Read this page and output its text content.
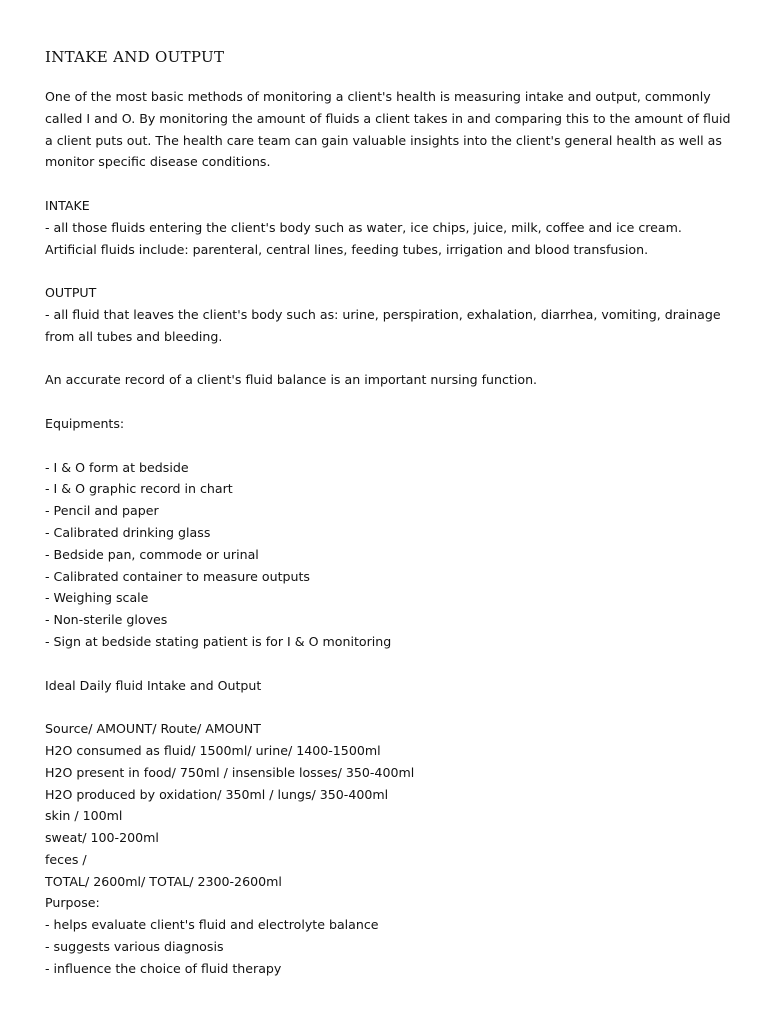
INTAKE AND OUTPUT

One of the most basic methods of monitoring a client's health is measuring intake and output, commonly called I and O. By monitoring the amount of fluids a client takes in and comparing this to the amount of fluid a client puts out. The health care team can gain valuable insights into the client's general health as well as monitor specific disease conditions.

INTAKE

- all those fluids entering the client's body such as water, ice chips, juice, milk, coffee and ice cream. Artificial fluids include: parenteral, central lines, feeding tubes, irrigation and blood transfusion.

OUTPUT

- all fluid that leaves the client's body such as: urine, perspiration, exhalation, diarrhea, vomiting, drainage from all tubes and bleeding.

An accurate record of a client's fluid balance is an important nursing function.

Equipments:

- I & O form at bedside

- I & O graphic record in chart

- Pencil and paper

- Calibrated drinking glass

- Bedside pan, commode or urinal

- Calibrated container to measure outputs

- Weighing scale

- Non-sterile gloves

- Sign at bedside stating patient is for I & O monitoring

Ideal Daily fluid Intake and Output

Source/ AMOUNT/ Route/ AMOUNT

H2O consumed as fluid/ 1500ml/ urine/ 1400-1500ml

H2O present in food/ 750ml / insensible losses/ 350-400ml

H2O produced by oxidation/ 350ml / lungs/ 350-400ml

skin / 100ml

sweat/ 100-200ml

feces /

TOTAL/ 2600ml/ TOTAL/ 2300-2600ml

Purpose:

- helps evaluate client's fluid and electrolyte balance

- suggests various diagnosis

- influence the choice of fluid therapy
